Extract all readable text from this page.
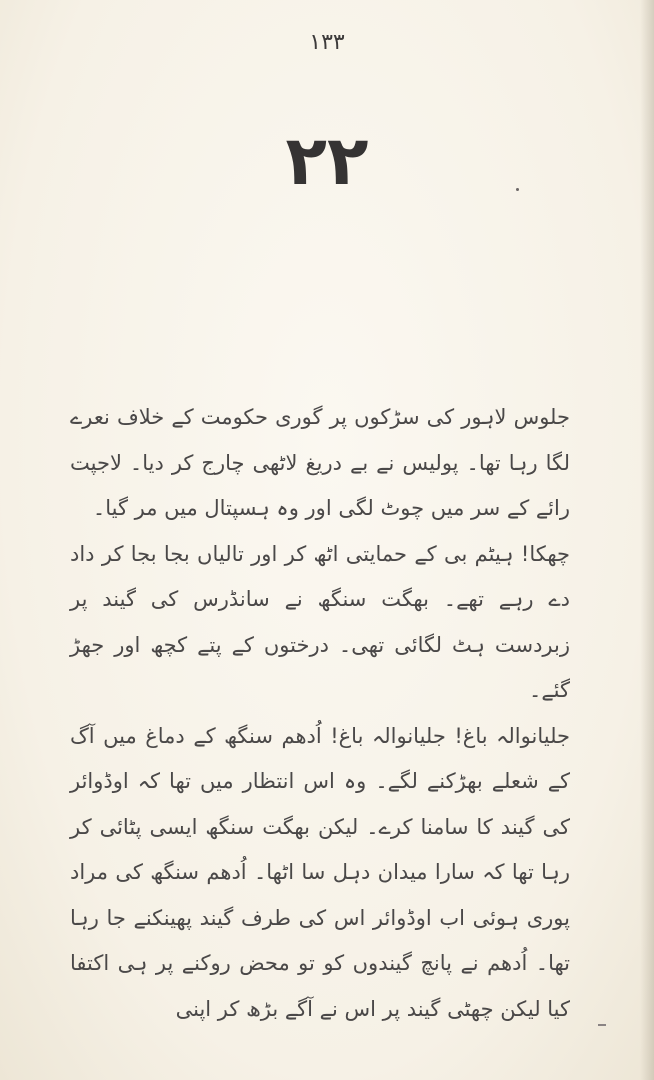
١٣٣
٢٢

جلوس لاہور کی سڑکوں پر گوری حکومت کے خلاف نعرے لگا رہا تھا۔ پولیس نے بے دریغ لاٹھی چارج کر دیا۔ لاجپت رائے کے سر میں چوٹ لگی اور وہ ہسپتال میں مر گیا۔

چھکا! ہیٹم بی کے حمایتی اٹھ کر اور تالیاں بجا بجا کر داد دے رہے تھے۔ بھگت سنگھ نے سانڈرس کی گیند پر زبردست ہٹ لگائی تھی۔ درختوں کے پتے کچھ اور جھڑ گئے۔

جلیانوالہ باغ! جلیانوالہ باغ! اُدھم سنگھ کے دماغ میں آگ کے شعلے بھڑکنے لگے۔ وہ اس انتظار میں تھا کہ اوڈوائر کی گیند کا سامنا کرے۔ لیکن بھگت سنگھ ایسی پٹائی کر رہا تھا کہ سارا میدان دہل سا اٹھا۔ اُدھم سنگھ کی مراد پوری ہوئی اب اوڈوائر اس کی طرف گیند پھینکنے جا رہا تھا۔ اُدھم نے پانچ گیندوں کو تو محض روکنے پر ہی اکتفا کیا لیکن چھٹی گیند پر اس نے آگے بڑھ کر اپنی
